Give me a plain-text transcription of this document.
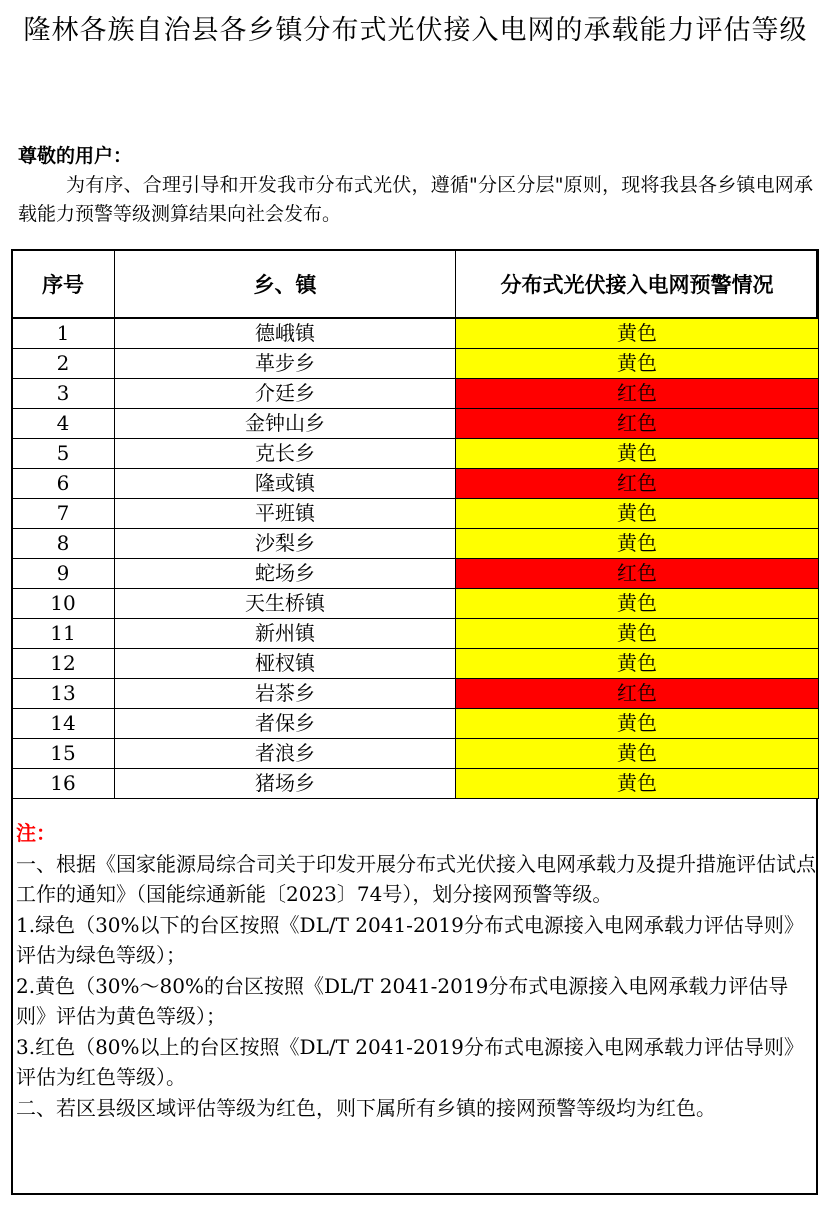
隆林各族自治县各乡镇分布式光伏接入电网的承载能力评估等级

尊敬的用户：

为有序、合理引导和开发我市分布式光伏，遵循"分区分层"原则，现将我县各乡镇电网承载能力预警等级测算结果向社会发布。

序号	乡、镇	分布式光伏接入电网预警情况
1	德峨镇	黄色
2	革步乡	黄色
3	介廷乡	红色
4	金钟山乡	红色
5	克长乡	黄色
6	隆或镇	红色
7	平班镇	黄色
8	沙梨乡	黄色
9	蛇场乡	红色
10	天生桥镇	黄色
11	新州镇	黄色
12	桠杈镇	黄色
13	岩茶乡	红色
14	者保乡	黄色
15	者浪乡	黄色
16	猪场乡	黄色

注：

一、根据《国家能源局综合司关于印发开展分布式光伏接入电网承载力及提升措施评估试点工作的通知》（国能综通新能〔2023〕74号），划分接网预警等级。

1.绿色（30%以下的台区按照《DL/T 2041-2019分布式电源接入电网承载力评估导则》评估为绿色等级）；

2.黄色（30%～80%的台区按照《DL/T 2041-2019分布式电源接入电网承载力评估导则》评估为黄色等级）；

3.红色（80%以上的台区按照《DL/T 2041-2019分布式电源接入电网承载力评估导则》评估为红色等级）。

二、若区县级区域评估等级为红色，则下属所有乡镇的接网预警等级均为红色。
